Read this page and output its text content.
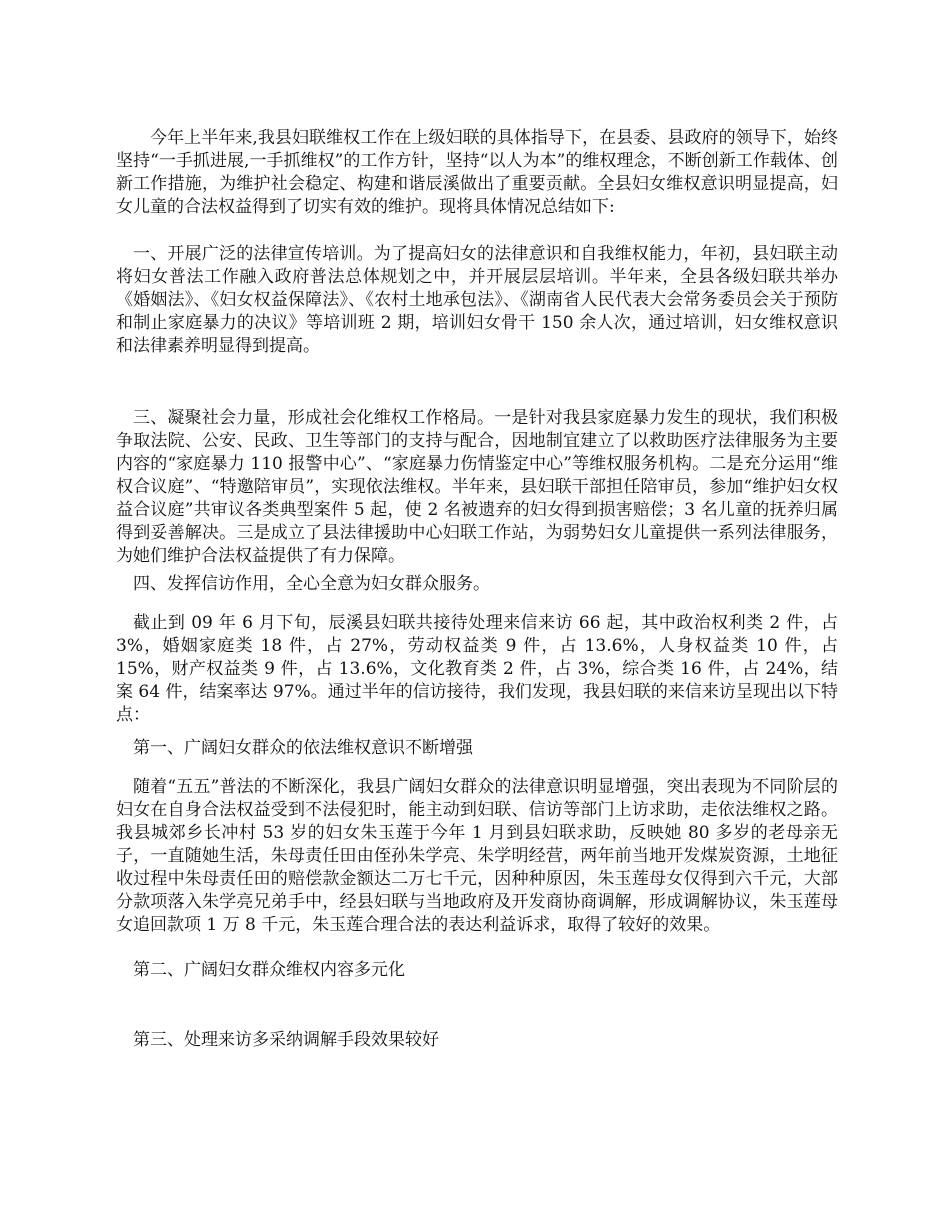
今年上半年来,我县妇联维权工作在上级妇联的具体指导下，在县委、县政府的领导下，始终坚持“一手抓进展,一手抓维权”的工作方针，坚持“以人为本”的维权理念，不断创新工作载体、创新工作措施，为维护社会稳定、构建和谐辰溪做出了重要贡献。全县妇女维权意识明显提高，妇女儿童的合法权益得到了切实有效的维护。现将具体情况总结如下:

一、开展广泛的法律宣传培训。为了提高妇女的法律意识和自我维权能力，年初，县妇联主动将妇女普法工作融入政府普法总体规划之中，并开展层层培训。半年来，全县各级妇联共举办《婚姻法》、《妇女权益保障法》、《农村土地承包法》、《湖南省人民代表大会常务委员会关于预防和制止家庭暴力的决议》等培训班 2 期，培训妇女骨干 150 余人次，通过培训，妇女维权意识和法律素养明显得到提高。

三、凝聚社会力量，形成社会化维权工作格局。一是针对我县家庭暴力发生的现状，我们积极争取法院、公安、民政、卫生等部门的支持与配合，因地制宜建立了以救助医疗法律服务为主要内容的“家庭暴力 110 报警中心”、“家庭暴力伤情鉴定中心”等维权服务机构。二是充分运用“维权合议庭”、“特邀陪审员”，实现依法维权。半年来，县妇联干部担任陪审员，参加“维护妇女权益合议庭”共审议各类典型案件 5 起，使 2 名被遗弃的妇女得到损害赔偿；3 名儿童的抚养归属得到妥善解决。三是成立了县法律援助中心妇联工作站，为弱势妇女儿童提供一系列法律服务，为她们维护合法权益提供了有力保障。

四、发挥信访作用，全心全意为妇女群众服务。

截止到 09 年 6 月下旬，辰溪县妇联共接待处理来信来访 66 起，其中政治权利类 2 件，占 3%，婚姻家庭类 18 件，占 27%，劳动权益类 9 件，占 13.6%，人身权益类 10 件，占 15%，财产权益类 9 件，占 13.6%，文化教育类 2 件，占 3%，综合类 16 件，占 24%，结案 64 件，结案率达 97%。通过半年的信访接待，我们发现，我县妇联的来信来访呈现出以下特点：

第一、广阔妇女群众的依法维权意识不断增强

随着“五五”普法的不断深化，我县广阔妇女群众的法律意识明显增强，突出表现为不同阶层的妇女在自身合法权益受到不法侵犯时，能主动到妇联、信访等部门上访求助，走依法维权之路。我县城郊乡长冲村 53 岁的妇女朱玉莲于今年 1 月到县妇联求助，反映她 80 多岁的老母亲无子，一直随她生活，朱母责任田由侄孙朱学亮、朱学明经营，两年前当地开发煤炭资源，土地征收过程中朱母责任田的赔偿款金额达二万七千元，因种种原因，朱玉莲母女仅得到六千元，大部分款项落入朱学亮兄弟手中，经县妇联与当地政府及开发商协商调解，形成调解协议，朱玉莲母女追回款项 1 万 8 千元，朱玉莲合理合法的表达利益诉求，取得了较好的效果。

第二、广阔妇女群众维权内容多元化

第三、处理来访多采纳调解手段效果较好
